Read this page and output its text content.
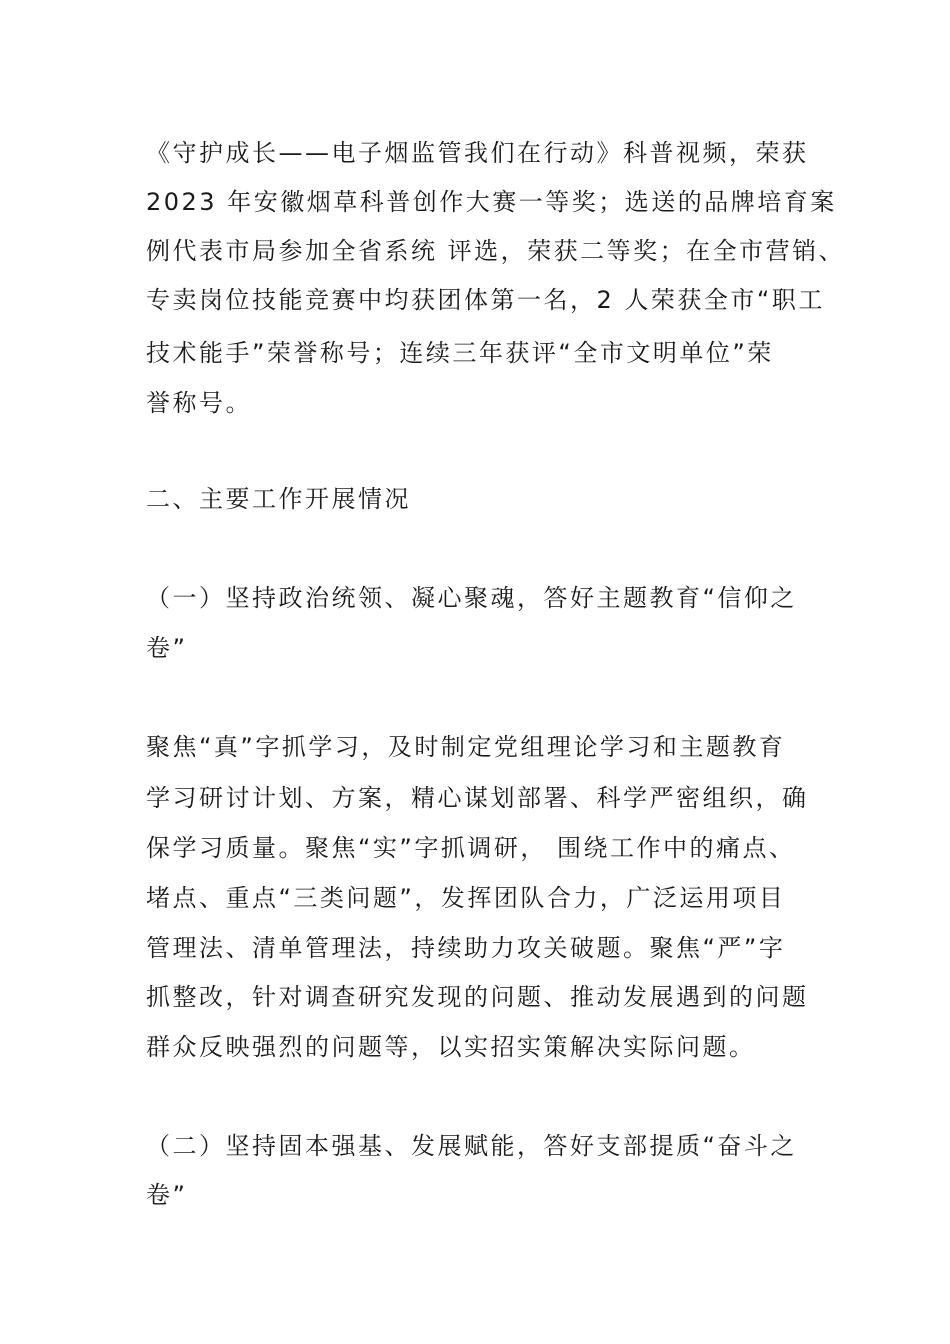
《守护成长——电子烟监管我们在行动》科普视频，荣获
2023 年安徽烟草科普创作大赛一等奖；选送的品牌培育案
例代表市局参加全省系统 评选，荣获二等奖；在全市营销、
专卖岗位技能竞赛中均获团体第一名，2 人荣获全市“职工
技术能手”荣誉称号；连续三年获评“全市文明单位”荣
誉称号。
二、主要工作开展情况
（一）坚持政治统领、凝心聚魂，答好主题教育“信仰之
卷”
聚焦“真”字抓学习，及时制定党组理论学习和主题教育
学习研讨计划、方案，精心谋划部署、科学严密组织，确
保学习质量。聚焦“实”字抓调研， 围绕工作中的痛点、
堵点、重点“三类问题”，发挥团队合力，广泛运用项目
管理法、清单管理法，持续助力攻关破题。聚焦“严”字
抓整改，针对调查研究发现的问题、推动发展遇到的问题
群众反映强烈的问题等，以实招实策解决实际问题。
（二）坚持固本强基、发展赋能，答好支部提质“奋斗之
卷”
